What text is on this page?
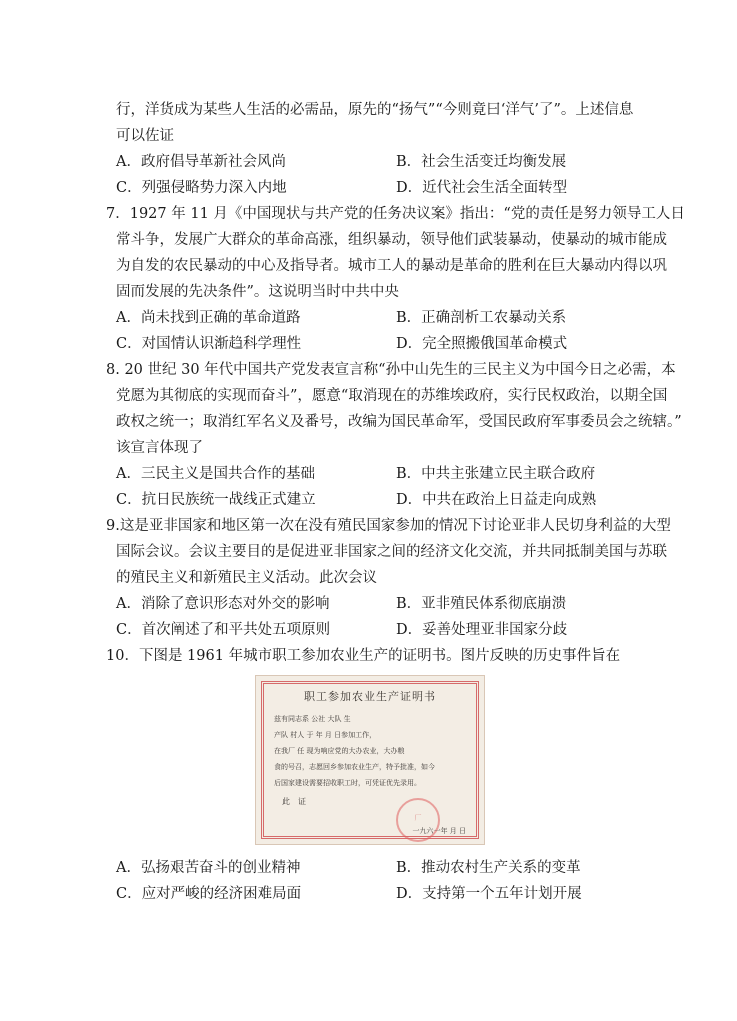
行，洋货成为某些人生活的必需品，原先的“扬气”“今则竟曰‘洋气’了”。上述信息
可以佐证
A．政府倡导革新社会风尚	B．社会生活变迁均衡发展
C．列强侵略势力深入内地	D．近代社会生活全面转型
7．1927 年 11 月《中国现状与共产党的任务决议案》指出：“党的责任是努力领导工人日
常斗争，发展广大群众的革命高涨，组织暴动，领导他们武装暴动，使暴动的城市能成
为自发的农民暴动的中心及指导者。城市工人的暴动是革命的胜利在巨大暴动内得以巩
固而发展的先决条件”。这说明当时中共中央
A．尚未找到正确的革命道路	B．正确剖析工农暴动关系
C．对国情认识渐趋科学理性	D．完全照搬俄国革命模式
8. 20 世纪 30 年代中国共产党发表宣言称“孙中山先生的三民主义为中国今日之必需，本
党愿为其彻底的实现而奋斗”，愿意“取消现在的苏维埃政府，实行民权政治，以期全国
政权之统一；取消红军名义及番号，改编为国民革命军，受国民政府军事委员会之统辖。”
该宣言体现了
A．三民主义是国共合作的基础	B．中共主张建立民主联合政府
C．抗日民族统一战线正式建立	D．中共在政治上日益走向成熟
9.这是亚非国家和地区第一次在没有殖民国家参加的情况下讨论亚非人民切身利益的大型
国际会议。会议主要目的是促进亚非国家之间的经济文化交流，并共同抵制美国与苏联
的殖民主义和新殖民主义活动。此次会议
A．消除了意识形态对外交的影响	B．亚非殖民体系彻底崩溃
C．首次阐述了和平共处五项原则	D．妥善处理亚非国家分歧
10．下图是 1961 年城市职工参加农业生产的证明书。图片反映的历史事件旨在
职工参加农业生产证明书
兹有同志系 公社 大队 生
产队 村人 于 年 月 日参加工作，
在我厂 任 现为响应党的大办农业，大办粮
食的号召，志愿回乡参加农业生产，特予批准，如今
后国家建设需要招收职工时，可凭证优先录用。
此　证
厂
一九六一年 月 日
A．弘扬艰苦奋斗的创业精神	B．推动农村生产关系的变革
C．应对严峻的经济困难局面	D．支持第一个五年计划开展
